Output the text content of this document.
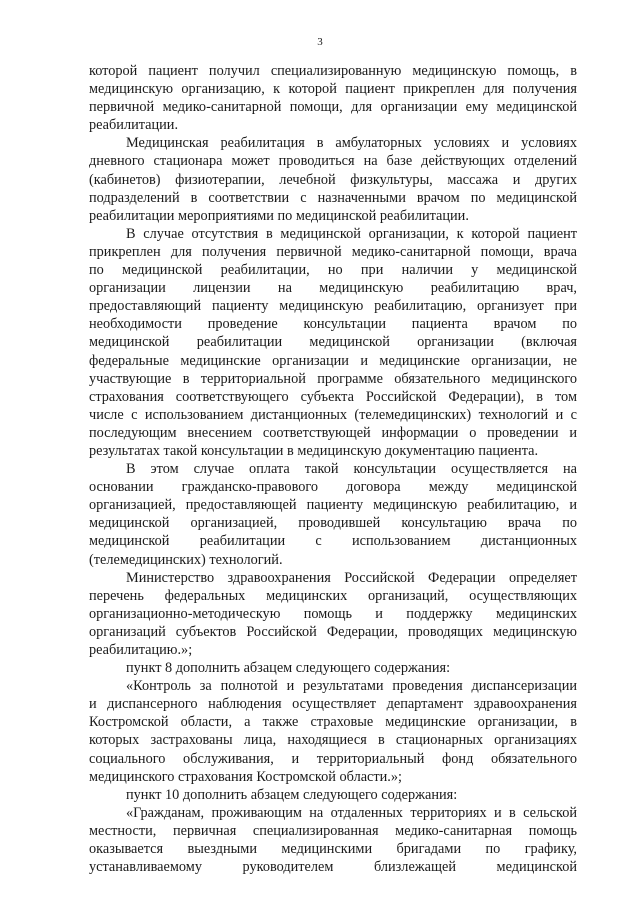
3
которой пациент получил специализированную медицинскую помощь, в
медицинскую организацию, к которой пациент прикреплен для получения
первичной медико-санитарной помощи, для организации ему медицинской
реабилитации.
Медицинская реабилитация в амбулаторных условиях и условиях
дневного стационара может проводиться на базе действующих отделений
(кабинетов) физиотерапии, лечебной физкультуры, массажа и других
подразделений в соответствии с назначенными врачом по медицинской
реабилитации мероприятиями по медицинской реабилитации.
В случае отсутствия в медицинской организации, к которой пациент
прикреплен для получения первичной медико-санитарной помощи, врача
по медицинской реабилитации, но при наличии у медицинской
организации лицензии на медицинскую реабилитацию врач,
предоставляющий пациенту медицинскую реабилитацию, организует при
необходимости проведение консультации пациента врачом по
медицинской реабилитации медицинской организации (включая
федеральные медицинские организации и медицинские организации, не
участвующие в территориальной программе обязательного медицинского
страхования соответствующего субъекта Российской Федерации), в том
числе с использованием дистанционных (телемедицинских) технологий и с
последующим внесением соответствующей информации о проведении и
результатах такой консультации в медицинскую документацию пациента.
В этом случае оплата такой консультации осуществляется на
основании гражданско-правового договора между медицинской
организацией, предоставляющей пациенту медицинскую реабилитацию, и
медицинской организацией, проводившей консультацию врача по
медицинской реабилитации с использованием дистанционных
(телемедицинских) технологий.
Министерство здравоохранения Российской Федерации определяет
перечень федеральных медицинских организаций, осуществляющих
организационно-методическую помощь и поддержку медицинских
организаций субъектов Российской Федерации, проводящих медицинскую
реабилитацию.»;
пункт 8 дополнить абзацем следующего содержания:
«Контроль за полнотой и результатами проведения диспансеризации
и диспансерного наблюдения осуществляет департамент здравоохранения
Костромской области, а также страховые медицинские организации, в
которых застрахованы лица, находящиеся в стационарных организациях
социального обслуживания, и территориальный фонд обязательного
медицинского страхования Костромской области.»;
пункт 10 дополнить абзацем следующего содержания:
«Гражданам, проживающим на отдаленных территориях и в сельской
местности, первичная специализированная медико-санитарная помощь
оказывается выездными медицинскими бригадами по графику,
устанавливаемому руководителем близлежащей медицинской
